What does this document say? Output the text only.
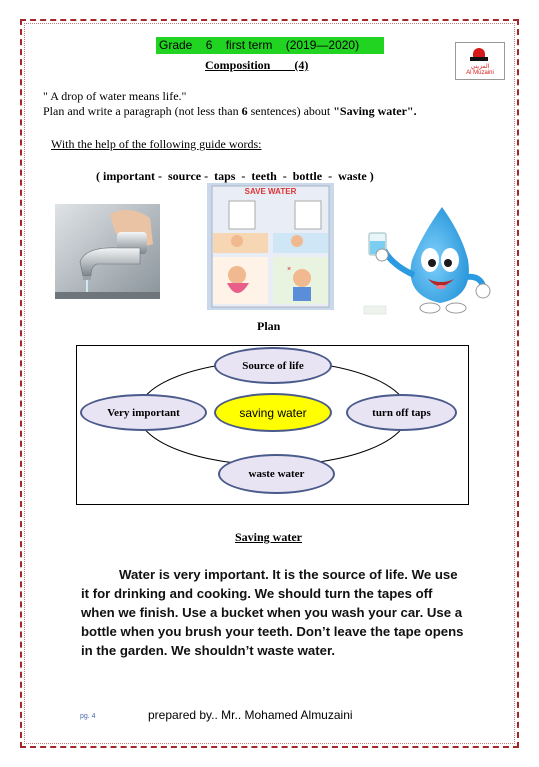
Grade    6    first term    (2019—2020)
المزيني
Al Muzaini
Composition        (4)
" A drop of water means life."
Plan and write a paragraph (not less than 6 sentences) about "Saving water".
With the help of the following guide words:
( important -  source -  taps  -  teeth  -  bottle  -  waste )
×
SAVE WATER
Plan
Source of life
Very important	saving water	turn off taps
waste water
Saving water
Water is very important. It is the source of life. We use it for drinking and cooking. We should turn the tapes off when we finish. Use a bucket when you wash your car. Use a bottle when you brush your teeth. Don’t leave the tape opens in the garden. We shouldn’t waste water.
pg. 4	prepared by.. Mr.. Mohamed Almuzaini
